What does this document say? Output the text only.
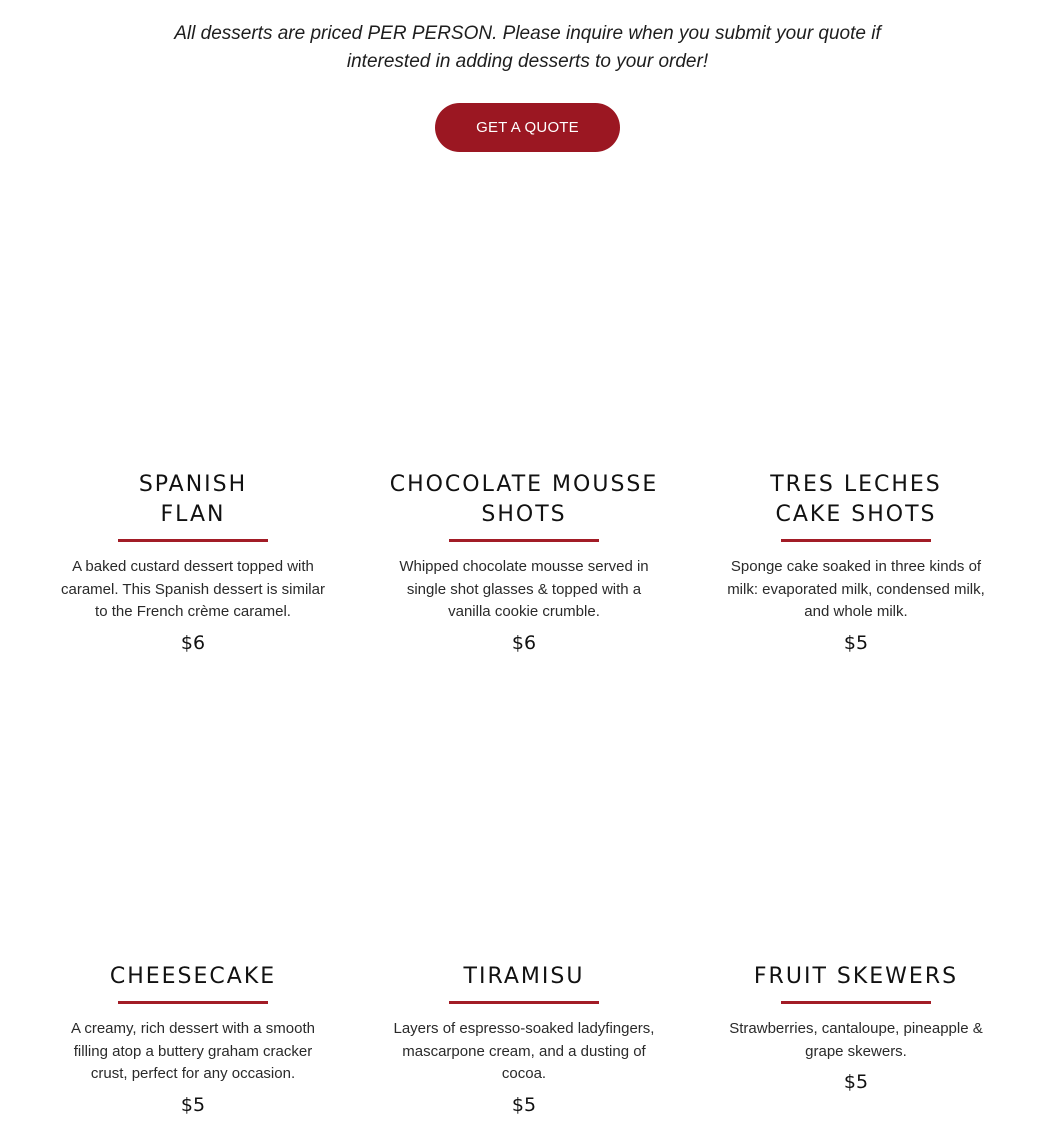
All desserts are priced PER PERSON. Please inquire when you submit your quote if
interested in adding desserts to your order!
GET A QUOTE
SPANISH
FLAN
A baked custard dessert topped with caramel. This Spanish dessert is similar to the French crème caramel.
$6
CHOCOLATE MOUSSE
SHOTS
Whipped chocolate mousse served in single shot glasses & topped with a vanilla cookie crumble.
$6
TRES LECHES
CAKE SHOTS
Sponge cake soaked in three kinds of milk: evaporated milk, condensed milk, and whole milk.
$5
CHEESECAKE
A creamy, rich dessert with a smooth filling atop a buttery graham cracker crust, perfect for any occasion.
$5
TIRAMISU
Layers of espresso-soaked ladyfingers, mascarpone cream, and a dusting of cocoa.
$5
FRUIT SKEWERS
Strawberries, cantaloupe, pineapple & grape skewers.
$5
